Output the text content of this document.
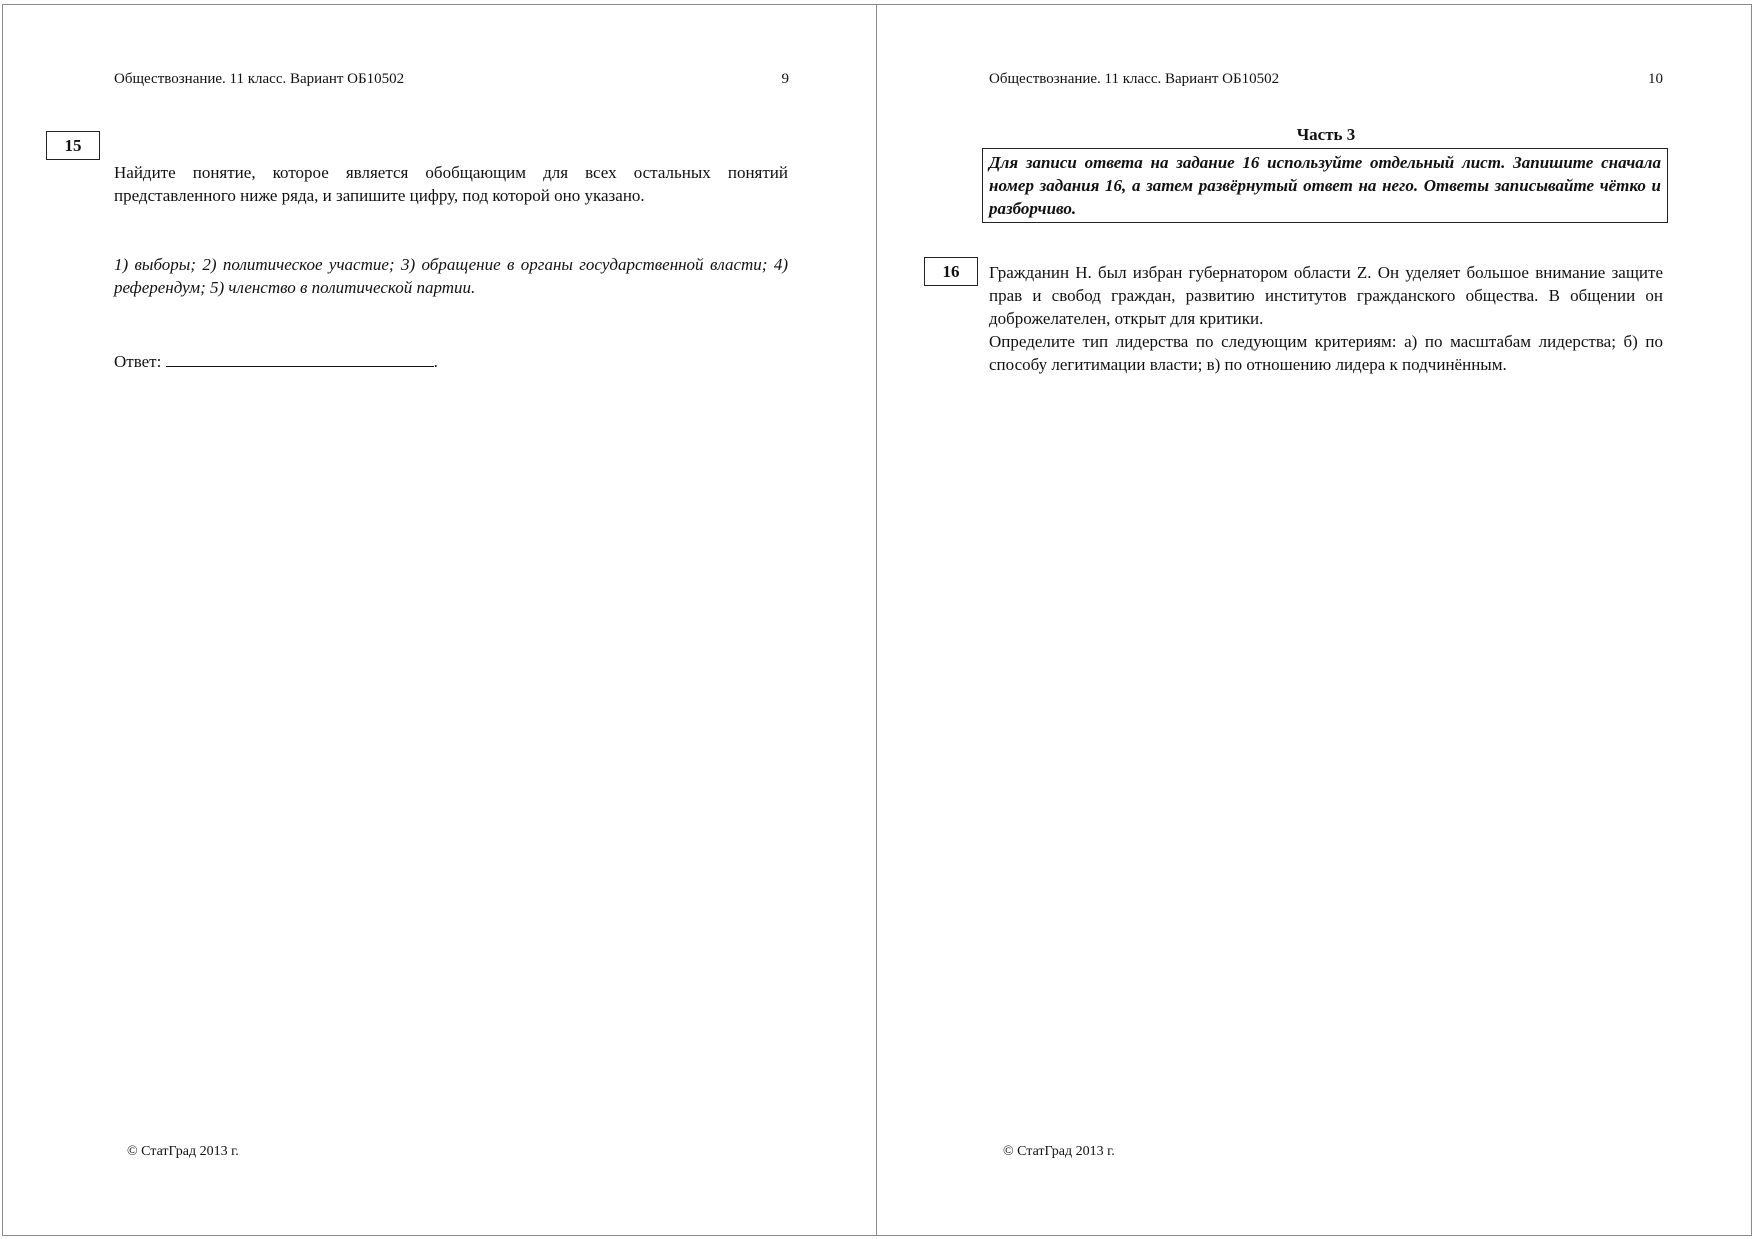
Обществознание. 11 класс. Вариант ОБ10502	9
15
Найдите понятие, которое является обобщающим для всех остальных понятий представленного ниже ряда, и запишите цифру, под которой оно указано.
1) выборы; 2) политическое участие; 3) обращение в органы государственной власти; 4) референдум; 5) членство в политической партии.
Ответ:	.
© СтатГрад 2013 г.
Обществознание. 11 класс. Вариант ОБ10502	10
Часть 3
Для записи ответа на задание 16 используйте отдельный лист. Запишите сначала номер задания 16, а затем развёрнутый ответ на него. Ответы записывайте чётко и разборчиво.
16	Гражданин Н. был избран губернатором области Z. Он уделяет большое внимание защите прав и свобод граждан, развитию институтов гражданского общества. В общении он доброжелателен, открыт для критики.
Определите тип лидерства по следующим критериям: а) по масштабам лидерства; б) по способу легитимации власти; в) по отношению лидера к подчинённым.
© СтатГрад 2013 г.
